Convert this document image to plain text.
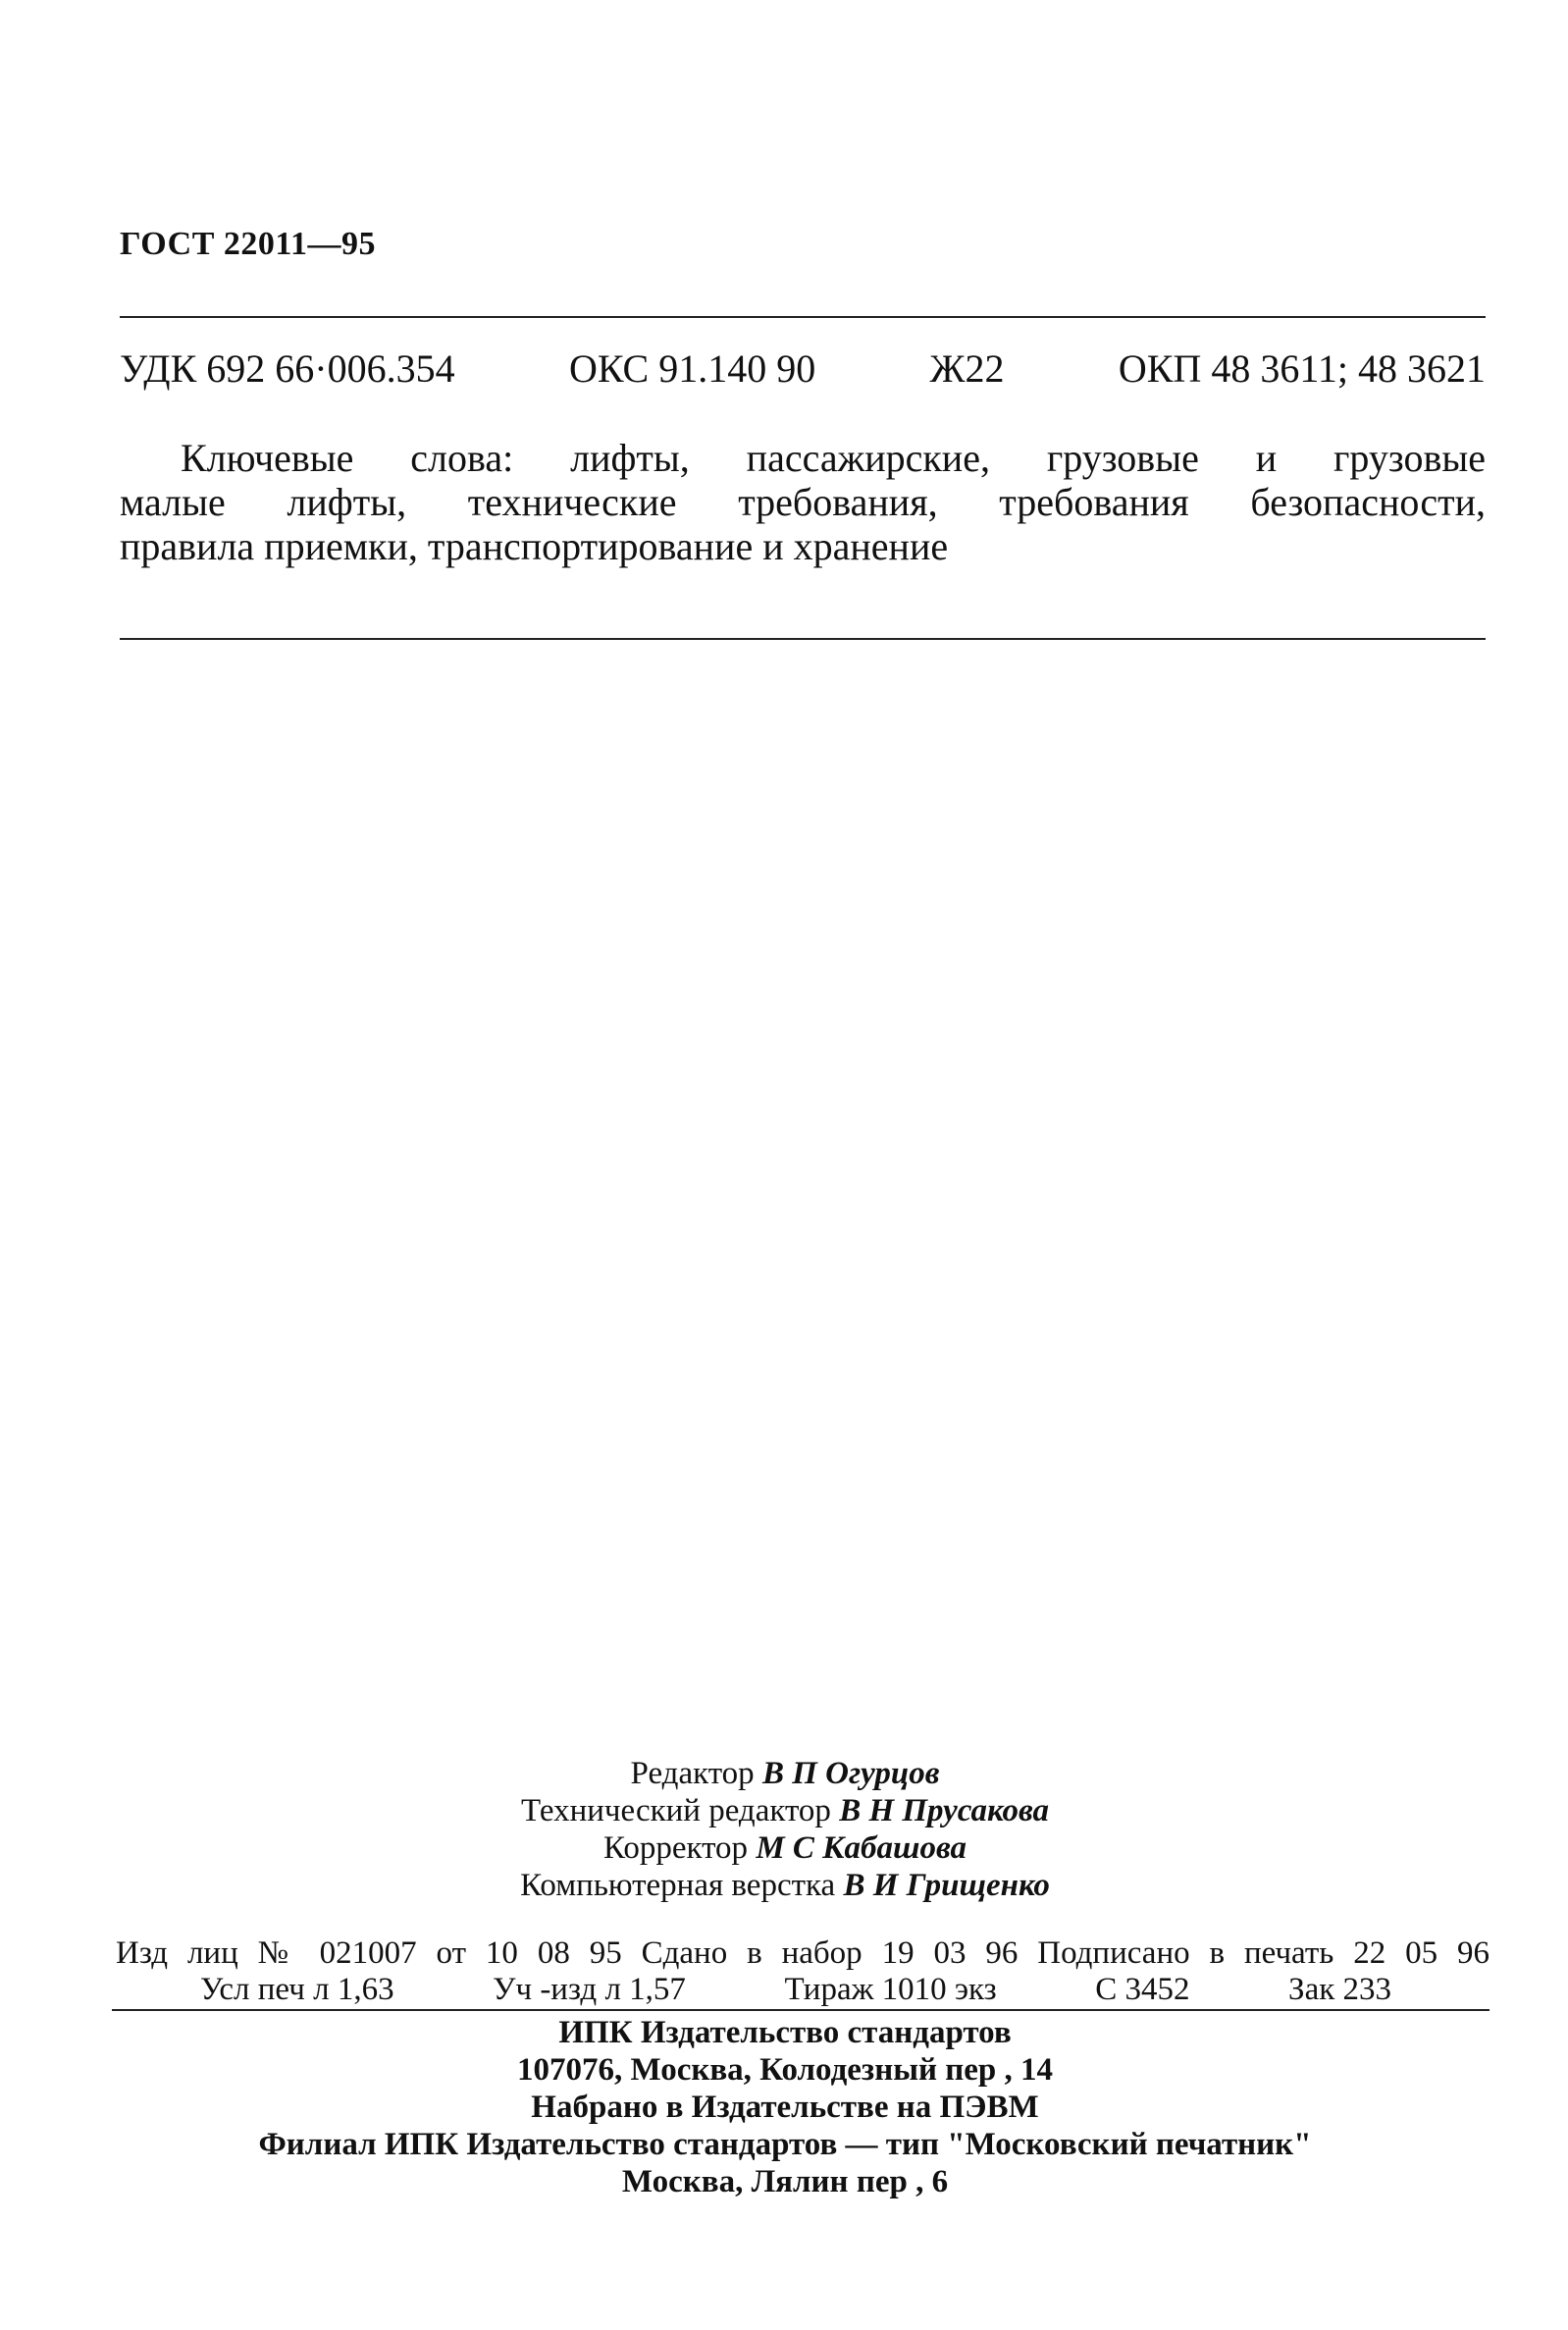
ГОСТ 22011—95
УДК 692 66·006.354	ОКС 91.140 90	Ж22	ОКП 48 3611; 48 3621
Ключевые слова: лифты, пассажирские, грузовые и грузовые
малые лифты, технические требования, требования безопасности,
правила приемки, транспортирование и хранение
Редактор В П Огурцов
Технический редактор В Н Прусакова
Корректор М С Кабашова
Компьютерная верстка В И Грищенко
Изд лиц № 021007 от 10 08 95 Сдано в набор 19 03 96 Подписано в печать 22 05 96
Усл печ л 1,63	Уч -изд л 1,57	Тираж 1010 экз	С 3452	Зак 233
ИПК Издательство стандартов
107076, Москва, Колодезный пер , 14
Набрано в Издательстве на ПЭВМ
Филиал ИПК Издательство стандартов — тип "Московский печатник"
Москва, Лялин пер , 6
